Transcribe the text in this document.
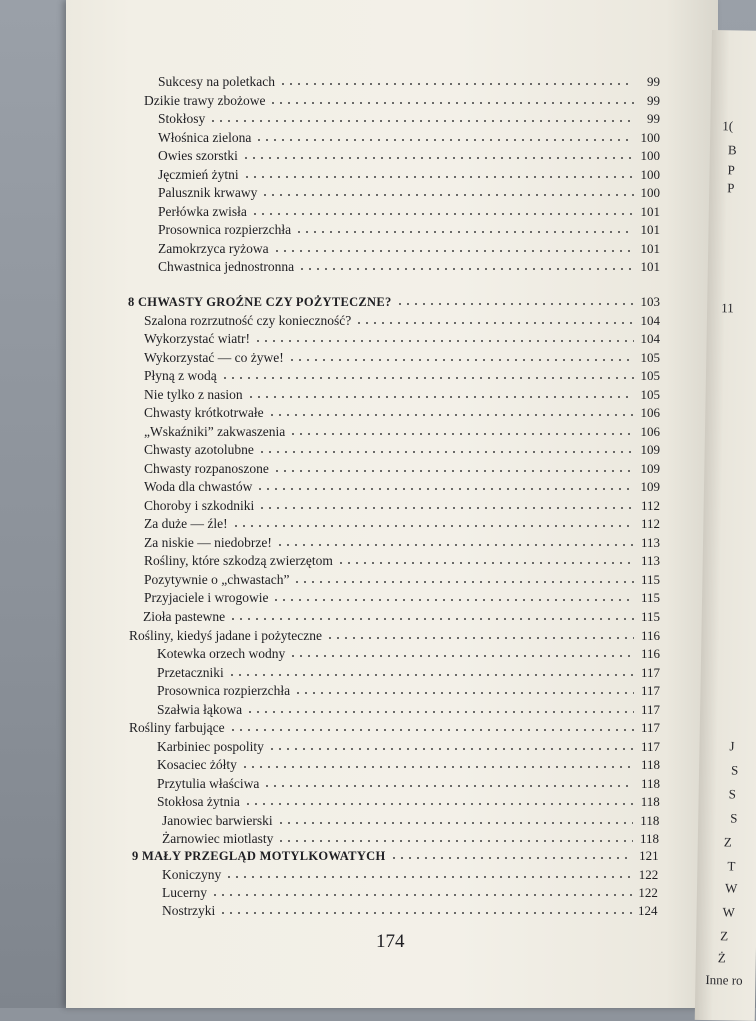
1(
B
P
P
11
J
S
S
S
Z
T
W
W
Z
Ż
Inne ro
Sukcesy na poletkach	99
Dzikie trawy zbożowe	99
Stokłosy	99
Włośnica zielona	100
Owies szorstki	100
Jęczmień żytni	100
Palusznik krwawy	100
Perłówka zwisła	101
Prosownica rozpierzchła	101
Zamokrzyca ryżowa	101
Chwastnica jednostronna	101
8 CHWASTY GROŹNE CZY POŻYTECZNE?	103
Szalona rozrzutność czy konieczność?	104
Wykorzystać wiatr!	104
Wykorzystać — co żywe!	105
Płyną z wodą	105
Nie tylko z nasion	105
Chwasty krótkotrwałe	106
„Wskaźniki” zakwaszenia	106
Chwasty azotolubne	109
Chwasty rozpanoszone	109
Woda dla chwastów	109
Choroby i szkodniki	112
Za duże — źle!	112
Za niskie — niedobrze!	113
Rośliny, które szkodzą zwierzętom	113
Pozytywnie o „chwastach”	115
Przyjaciele i wrogowie	115
Zioła pastewne	115
Rośliny, kiedyś jadane i pożyteczne	116
Kotewka orzech wodny	116
Przetaczniki	117
Prosownica rozpierzchła	117
Szałwia łąkowa	117
Rośliny farbujące	117
Karbiniec pospolity	117
Kosaciec żółty	118
Przytulia właściwa	118
Stokłosa żytnia	118
Janowiec barwierski	118
Żarnowiec miotlasty	118
9 MAŁY PRZEGLĄD MOTYLKOWATYCH	121
Koniczyny	122
Lucerny	122
Nostrzyki	124
174
